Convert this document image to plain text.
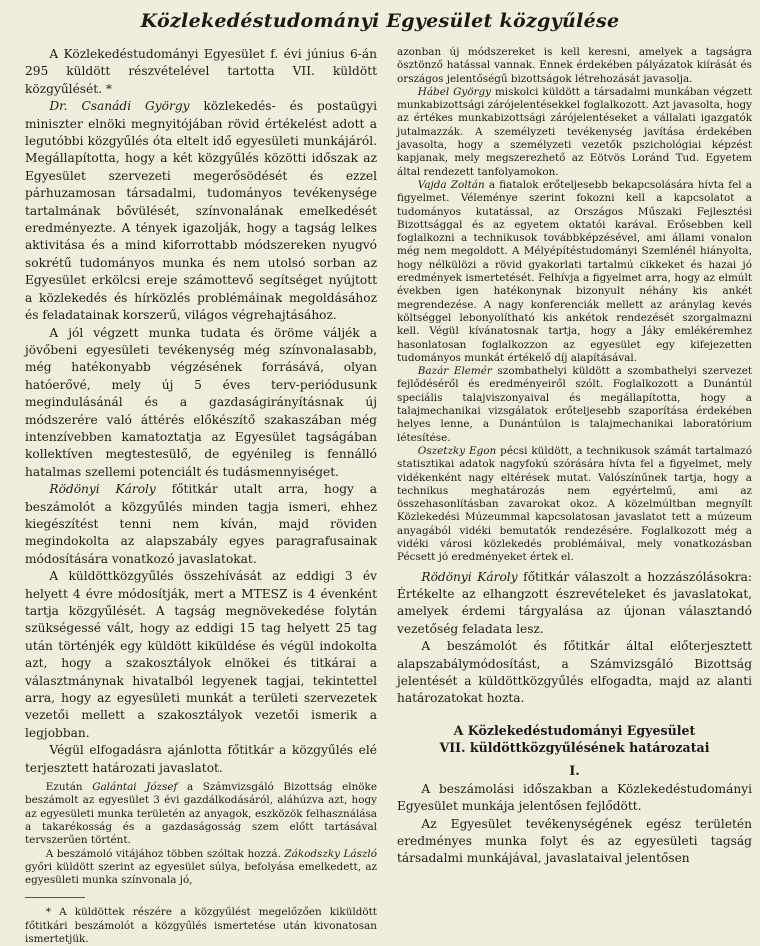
Közlekedéstudományi Egyesület közgyűlése

A Közlekedéstudományi Egyesület f. évi június 6-án 295 küldött részvételével tartotta VII. küldött közgyűlését. *

Dr. Csanádi György közlekedés- és postaügyi miniszter elnöki megnyitójában rövid értékelést adott a legutóbbi közgyűlés óta eltelt idő egyesületi munkájáról. Megállapította, hogy a két közgyűlés közötti időszak az Egyesület szervezeti megerősödését és ezzel párhuzamosan társadalmi, tudományos tevékenysége tartalmának bővülését, színvonalának emelkedését eredményezte. A tények igazolják, hogy a tagság lelkes aktivitása és a mind kiforrottabb módszereken nyugvó sokrétű tudományos munka és nem utolsó sorban az Egyesület erkölcsi ereje számottevő segítséget nyújtott a közlekedés és hírközlés problémáinak megoldásához és feladatainak korszerű, világos végrehajtásához.

A jól végzett munka tudata és öröme váljék a jövőbeni egyesületi tevékenység még színvonalasabb, még hatékonyabb végzésének forrásává, olyan hatóerővé, mely új 5 éves terv-periódusunk megindulásánál és a gazdaságirányításnak új módszerére való áttérés előkészítő szakaszában még intenzívebben kamatoztatja az Egyesület tagságában kollektíven megtestesülő, de egyénileg is fennálló hatalmas szellemi potenciált és tudásmennyiséget.

Rödönyi Károly főtitkár utalt arra, hogy a beszámolót a közgyűlés minden tagja ismeri, ehhez kiegészítést tenni nem kíván, majd röviden megindokolta az alapszabály egyes paragrafusainak módosítására vonatkozó javaslatokat.

A küldöttközgyűlés összehívását az eddigi 3 év helyett 4 évre módosítják, mert a MTESZ is 4 évenként tartja közgyűlését. A tagság megnövekedése folytán szükségessé vált, hogy az eddigi 15 tag helyett 25 tag után történjék egy küldött kiküldése és végül indokolta azt, hogy a szakosztályok elnökei és titkárai a választmánynak hivatalból legyenek tagjai, tekintettel arra, hogy az egyesületi munkát a területi szervezetek vezetői mellett a szakosztályok vezetői ismerik a legjobban.

Végül elfogadásra ajánlotta főtitkár a közgyűlés elé terjesztett határozati javaslatot.

Ezután Galántai József a Számvizsgáló Bizottság elnöke beszámolt az egyesület 3 évi gazdálkodásáról, aláhúzva azt, hogy az egyesületi munka területén az anyagok, eszközök felhasználása a takarékosság és a gazdaságosság szem előtt tartásával tervszerűen történt.

A beszámoló vitájához többen szóltak hozzá. Zákodszky László győri küldött szerint az egyesület súlya, befolyása emelkedett, az egyesületi munka színvonala jó,

* A küldöttek részére a közgyűlést megelőzően kiküldött főtitkári beszámolót a közgyűlés ismertetése után kivonatosan ismertetjük.

azonban új módszereket is kell keresni, amelyek a tagságra ösztönző hatással vannak. Ennek érdekében pályázatok kiírását és országos jelentőségű bizottságok létrehozását javasolja.

Hábel György miskolci küldött a társadalmi munkában végzett munkabizottsági zárójelentésekkel foglalkozott. Azt javasolta, hogy az értékes munkabizottsági zárójelentéseket a vállalati igazgatók jutalmazzák. A személyzeti tevékenység javítása érdekében javasolta, hogy a személyzeti vezetők pszichológiai képzést kapjanak, mely megszerezhető az Eötvös Loránd Tud. Egyetem által rendezett tanfolyamokon.

Vajda Zoltán a fiatalok erőteljesebb bekapcsolására hívta fel a figyelmet. Véleménye szerint fokozni kell a kapcsolatot a tudományos kutatással, az Országos Műszaki Fejlesztési Bizottsággal és az egyetem oktatói karával. Erősebben kell foglalkozni a technikusok továbbképzésével, ami állami vonalon még nem megoldott. A Mélyépítéstudományi Szemlénél hiányolta, hogy nélkülözi a rövid gyakorlati tartalmú cikkeket és hazai jó eredmények ismertetését. Felhívja a figyelmet arra, hogy az elmúlt években igen hatékonynak bizonyult néhány kis ankét megrendezése. A nagy konferenciák mellett az aránylag kevés költséggel lebonyolítható kis ankétok rendezését szorgalmazni kell. Végül kívánatosnak tartja, hogy a Jáky emlékéremhez hasonlatosan foglalkozzon az egyesület egy kifejezetten tudományos munkát értékelő díj alapításával.

Bazár Elemér szombathelyi küldött a szombathelyi szervezet fejlődéséről és eredményeiről szólt. Foglalkozott a Dunántúl speciális talajviszonyaival és megállapította, hogy a talajmechanikai vizsgálatok erőteljesebb szaporítása érdekében helyes lenne, a Dunántúlon is talajmechanikai laboratórium létesítése.

Oszetzky Egon pécsi küldött, a technikusok számát tartalmazó statisztikai adatok nagyfokú szórására hívta fel a figyelmet, mely vidékenként nagy eltérések mutat. Valószínűnek tartja, hogy a technikus meghatározás nem egyértelmű, ami az összehasonlításban zavarokat okoz. A közelmúltban megnyílt Közlekedési Múzeummal kapcsolatosan javaslatot tett a múzeum anyagából vidéki bemutatók rendezésére. Foglalkozott még a vidéki városi közlekedés problémáival, mely vonatkozásban Pécsett jó eredményeket értek el.

Rödönyi Károly főtitkár válaszolt a hozzászólásokra: Értékelte az elhangzott észrevételeket és javaslatokat, amelyek érdemi tárgyalása az újonan választandó vezetőség feladata lesz.

A beszámolót és főtitkár által előterjesztett alapszabálymódosítást, a Számvizsgáló Bizottság jelentését a küldöttközgyűlés elfogadta, majd az alanti határozatokat hozta.

A Közlekedéstudományi Egyesület
VII. küldöttközgyűlésének határozatai
I.

A beszámolási időszakban a Közlekedéstudományi Egyesület munkája jelentősen fejlődött.

Az Egyesület tevékenységének egész területén eredményes munka folyt és az egyesületi tagság társadalmi munkájával, javaslataival jelentősen
